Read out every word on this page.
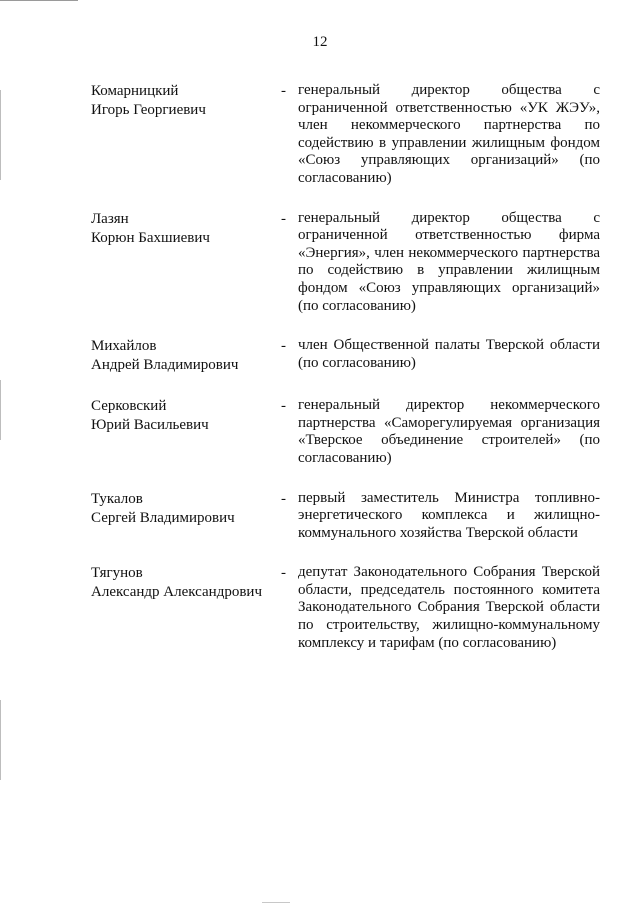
12
Комарницкий
Игорь Георгиевич
- генеральный директор общества с ограниченной ответственностью «УК ЖЭУ», член некоммерческого партнерства по содействию в управлении жилищным фондом «Союз управляющих организаций» (по согласованию)
Лазян
Корюн Бахшиевич
- генеральный директор общества с ограниченной ответственностью фирма «Энергия», член некоммерческого партнерства по содействию в управлении жилищным фондом «Союз управляющих организаций» (по согласованию)
Михайлов
Андрей Владимирович
- член Общественной палаты Тверской области (по согласованию)
Серковский
Юрий Васильевич
- генеральный директор некоммерческого партнерства «Саморегулируемая организация «Тверское объединение строителей» (по согласованию)
Тукалов
Сергей Владимирович
- первый заместитель Министра топливно-энергетического комплекса и жилищно-коммунального хозяйства Тверской области
Тягунов
Александр Александрович
- депутат Законодательного Собрания Тверской области, председатель постоянного комитета Законодательного Собрания Тверской области по строительству, жилищно-коммунальному комплексу и тарифам (по согласованию)
